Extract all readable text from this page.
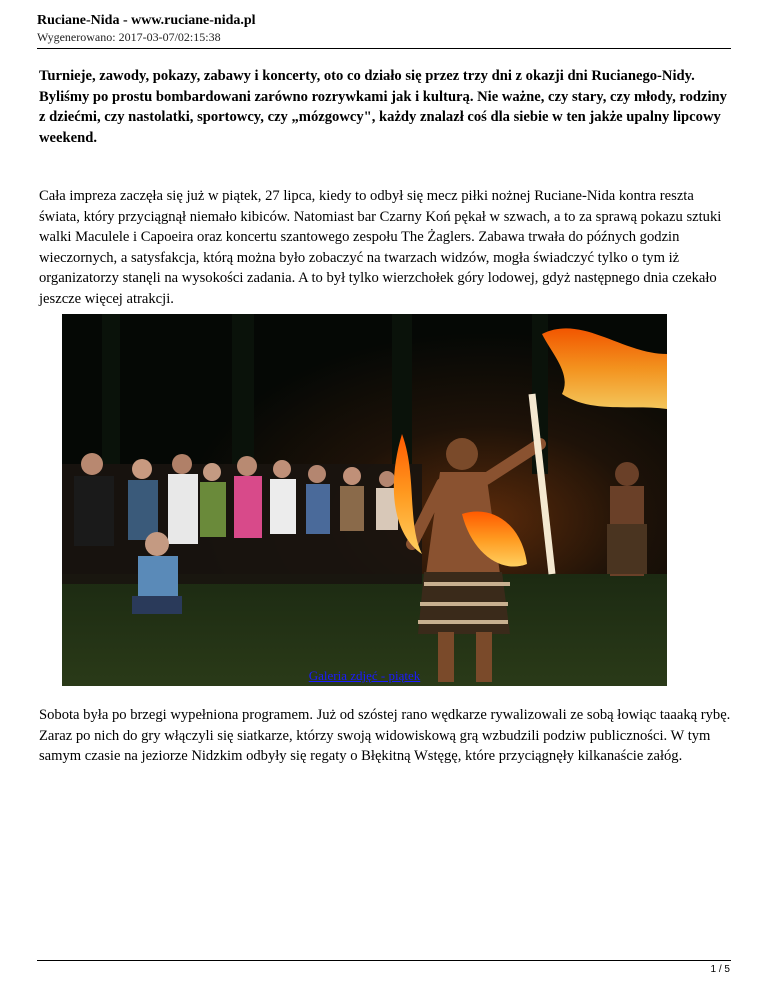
Ruciane-Nida - www.ruciane-nida.pl
Wygenerowano: 2017-03-07/02:15:38
Turnieje, zawody, pokazy, zabawy i koncerty, oto co działo się przez trzy dni z okazji dni Rucianego-Nidy. Byliśmy po prostu bombardowani zarówno rozrywkami jak i kulturą. Nie ważne, czy stary, czy młody, rodziny z dziećmi, czy nastolatki, sportowcy, czy „mózgowcy", każdy znalazł coś dla siebie w ten jakże upalny lipcowy weekend.
Cała impreza zaczęła się już w piątek, 27 lipca, kiedy to odbył się mecz piłki nożnej Ruciane-Nida kontra reszta świata, który przyciągnął niemało kibiców. Natomiast bar Czarny Koń pękał w szwach, a to za sprawą pokazu sztuki walki Maculele i Capoeira oraz koncertu szantowego zespołu The Żaglers. Zabawa trwała do późnych godzin wieczornych, a satysfakcja, którą można było zobaczyć na twarzach widzów, mogła świadczyć tylko o tym iż organizatorzy stanęli na wysokości zadania. A to był tylko wierzchołek góry lodowej, gdyż następnego dnia czekało jeszcze więcej atrakcji.
Galeria zdjęć - piątek
Sobota była po brzegi wypełniona programem. Już od szóstej rano wędkarze rywalizowali ze sobą łowiąc taaaką rybę. Zaraz po nich do gry włączyli się siatkarze, którzy swoją widowiskową grą wzbudzili podziw publiczności. W tym samym czasie na jeziorze Nidzkim odbyły się regaty o Błękitną Wstęgę, które przyciągnęły kilkanaście załóg.
1 / 5
